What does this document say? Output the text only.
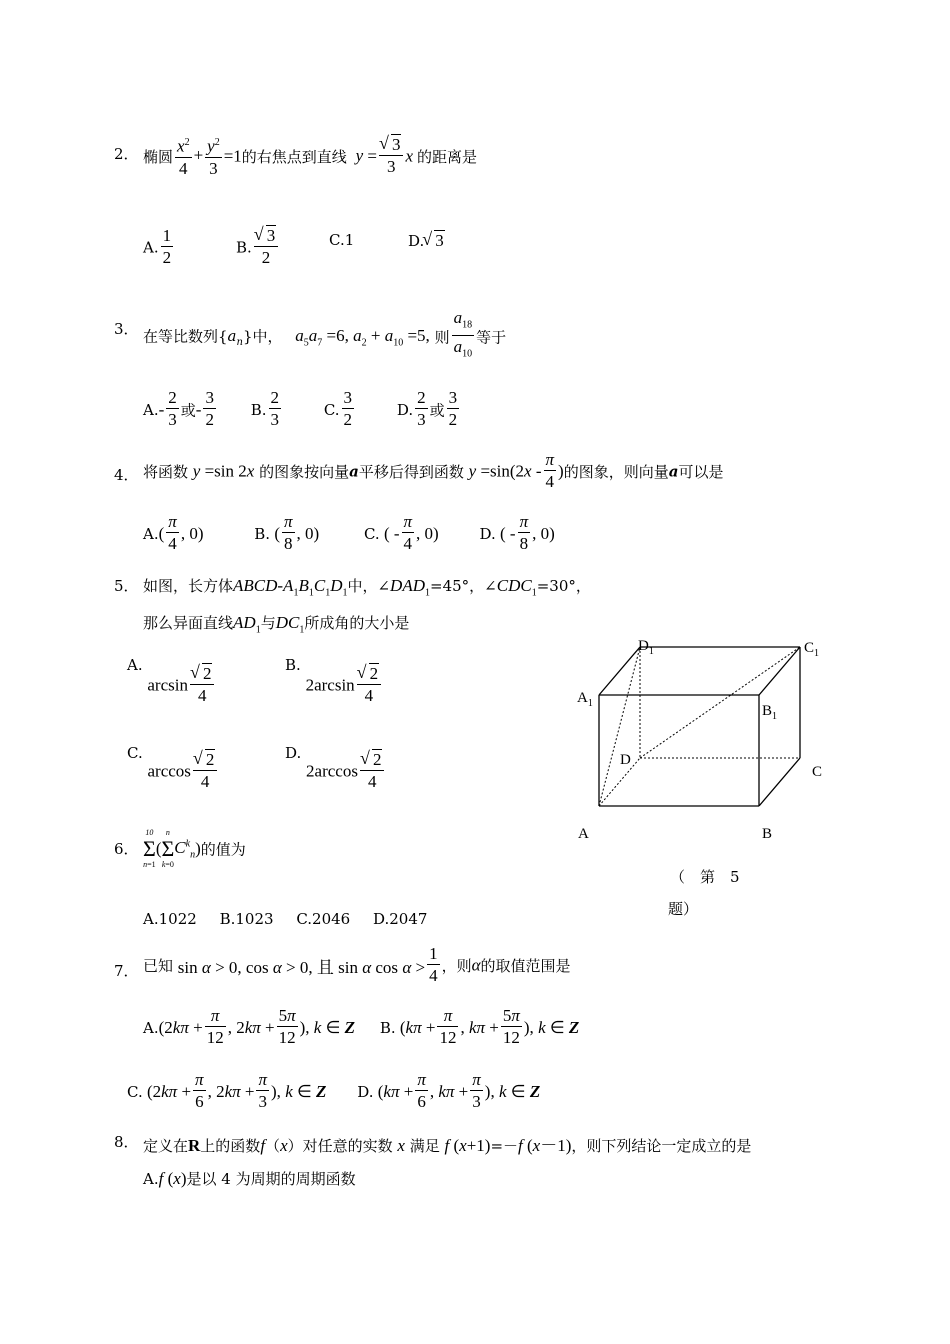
2． 椭圆 $\frac{x^2}{4} + \frac{y^2}{3} =1$的右焦点到直线 y = √ $\frac{3}{3}$ x 的距离是
A. $\frac{1}{2}$	B. √ $\frac{3}{2}$	C.1	D. √ 3
3． 在等比数列$\{a_n\}$中， $a_5a_7 =6$, $a_2 + a_{10} =5$, 则 $\frac{a_{18}}{a_{10}}$ 等于
$A.- \frac{2}{3}$ 或- $\frac{3}{2} B$. $\frac{2}{3}$	C. $\frac{3}{2}$	D. $\frac{2}{3}$ 或 $\frac{3}{2}$
4． 将函数 y =sin 2x 的图象按向量a平移后得到函数 $y =\sin(2x - \frac{\pi}{4}$ )的图象，则向量a可以是
$A.( \frac{\pi}{4}$ , 0)	B. ( $\frac{\pi}{8}$ , 0)	C. ( - $\frac{\pi}{4}$ , 0)	D. ( - $\frac{\pi}{8}$ , 0)
5． 如图，长方体ABCD-$A_1B_1C_1D_1$中，$\angle DAD_1=45^\circ$，$\angle CDC_1=30^\circ$，
那么异面直线$AD_1$与$DC_1$所成角的大小是
A. arcsin √ $\frac{2}{4}$	B. 2arcsin √ $\frac{2}{4}$
C. arccos √ $\frac{2}{4}$	D. 2arccos √ $\frac{2}{4}$
$D_1$	$C_1$
$A_1$	$B_1$
D
C
A	B
（　第　5
题）
6．
10
Σ
n=1(n
Σ
$k=0C^k_n$)的值为
A.1022 B.1023 C.2046 D.2047
7． 已知 sin α > 0, cos α > 0, 且 sin α $\cos \alpha > \frac{1}{4}$ ，则α的取值范围是
$A.(2k\pi + \frac{\pi}{12}$ , $2k\pi + \frac{5\pi}{12}$ ), k ∈ Z B. ($k\pi + \frac{\pi}{12}$ , $k\pi + \frac{5\pi}{12}$ ), k ∈ Z
C. ($2k\pi + \frac{\pi}{6}$ , $2k\pi + \frac{\pi}{3}$ ), k ∈ Z D. ($k\pi + \frac{\pi}{6}$ , $k\pi + \frac{\pi}{3}$ ), k ∈ Z
8． 定义在R上的函数f（x）对任意的实数 x 满足 f (x+1)=－f (x－1)，则下列结论一定成立的是
A.f (x)是以 4 为周期的周期函数
